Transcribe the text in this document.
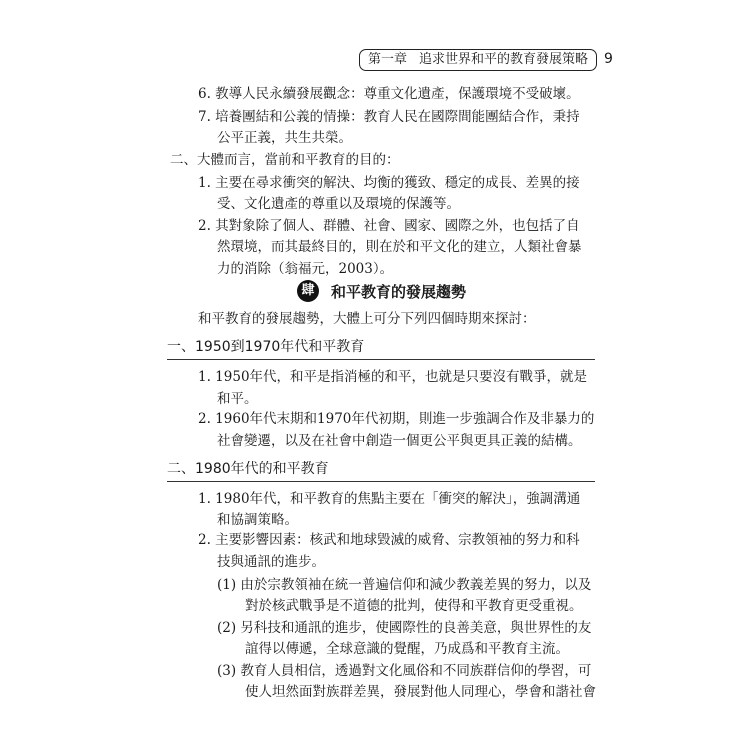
第一章 追求世界和平的教育發展策略	9
6. 教導人民永續發展觀念：尊重文化遺產，保護環境不受破壞。
7. 培養團結和公義的情操：教育人民在國際間能團結合作，秉持
公平正義，共生共榮。
二、大體而言，當前和平教育的目的：
1. 主要在尋求衝突的解決、均衡的獲致、穩定的成長、差異的接
受、文化遺產的尊重以及環境的保護等。
2. 其對象除了個人、群體、社會、國家、國際之外，也包括了自
然環境，而其最終目的，則在於和平文化的建立，人類社會暴
力的消除（翁福元，2003）。
肆	和平教育的發展趨勢
和平教育的發展趨勢，大體上可分下列四個時期來探討：
一、1950到1970年代和平教育
1. 1950年代，和平是指消極的和平，也就是只要沒有戰爭，就是
和平。
2. 1960年代末期和1970年代初期，則進一步強調合作及非暴力的
社會變遷，以及在社會中創造一個更公平與更具正義的結構。
二、1980年代的和平教育
1. 1980年代，和平教育的焦點主要在「衝突的解決」，強調溝通
和協調策略。
2. 主要影響因素：核武和地球毀滅的威脅、宗教領袖的努力和科
技與通訊的進步。
(1) 由於宗教領袖在統一普遍信仰和減少教義差異的努力，以及
對於核武戰爭是不道德的批判，使得和平教育更受重視。
(2) 另科技和通訊的進步，使國際性的良善美意，與世界性的友
誼得以傳遞，全球意識的覺醒，乃成爲和平教育主流。
(3) 教育人員相信，透過對文化風俗和不同族群信仰的學習，可
使人坦然面對族群差異，發展對他人同理心，學會和諧社會
